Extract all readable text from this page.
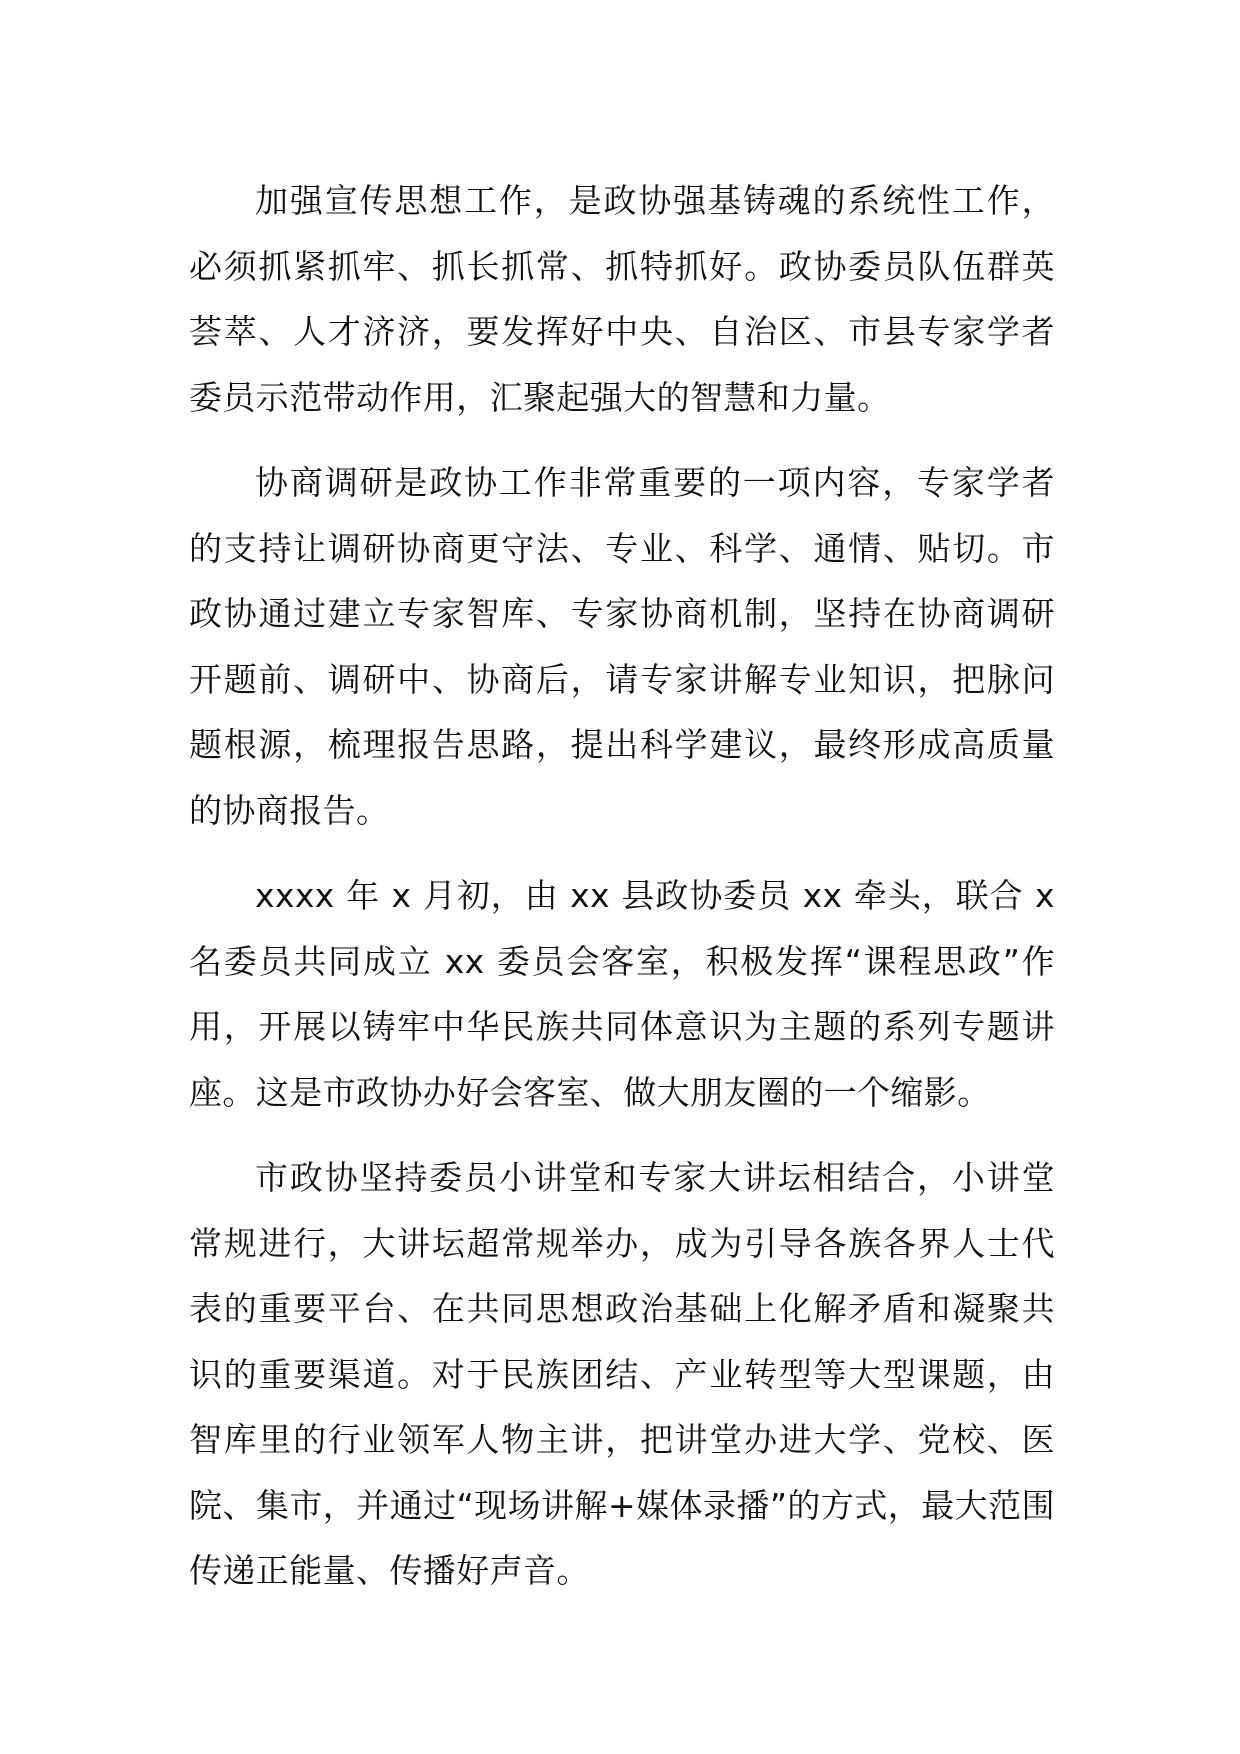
加强宣传思想工作，是政协强基铸魂的系统性工作，必须抓紧抓牢、抓长抓常、抓特抓好。政协委员队伍群英荟萃、人才济济，要发挥好中央、自治区、市县专家学者委员示范带动作用，汇聚起强大的智慧和力量。

协商调研是政协工作非常重要的一项内容，专家学者的支持让调研协商更守法、专业、科学、通情、贴切。市政协通过建立专家智库、专家协商机制，坚持在协商调研开题前、调研中、协商后，请专家讲解专业知识，把脉问题根源，梳理报告思路，提出科学建议，最终形成高质量的协商报告。

xxxx 年 x 月初，由 xx 县政协委员 xx 牵头，联合 x 名委员共同成立 xx 委员会客室，积极发挥“课程思政”作用，开展以铸牢中华民族共同体意识为主题的系列专题讲座。这是市政协办好会客室、做大朋友圈的一个缩影。

市政协坚持委员小讲堂和专家大讲坛相结合，小讲堂常规进行，大讲坛超常规举办，成为引导各族各界人士代表的重要平台、在共同思想政治基础上化解矛盾和凝聚共识的重要渠道。对于民族团结、产业转型等大型课题，由智库里的行业领军人物主讲，把讲堂办进大学、党校、医院、集市，并通过“现场讲解+媒体录播”的方式，最大范围传递正能量、传播好声音。
